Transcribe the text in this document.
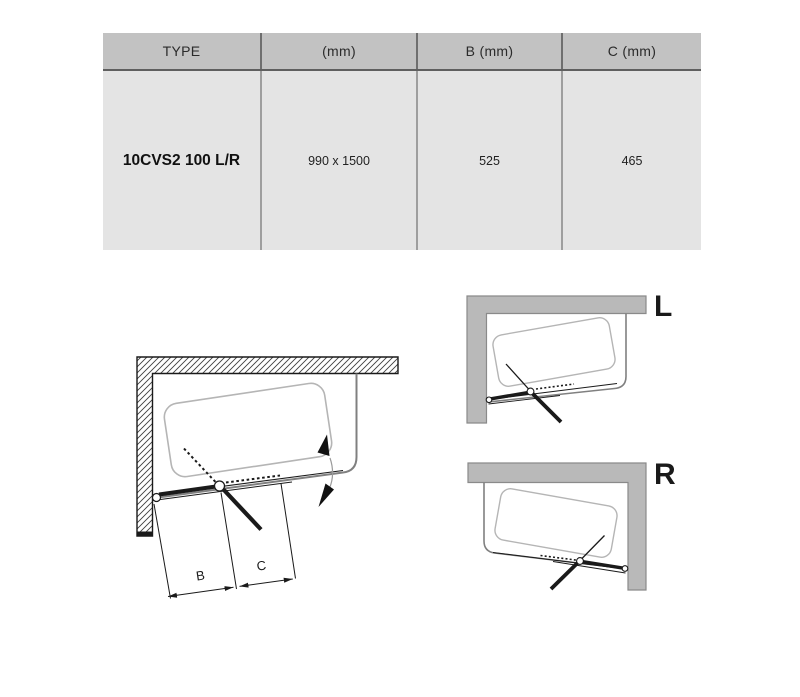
TYPE	(mm)	B (mm)	C (mm)
10CVS2 100 L/R	990 x 1500	525	465
B
C
L
R
